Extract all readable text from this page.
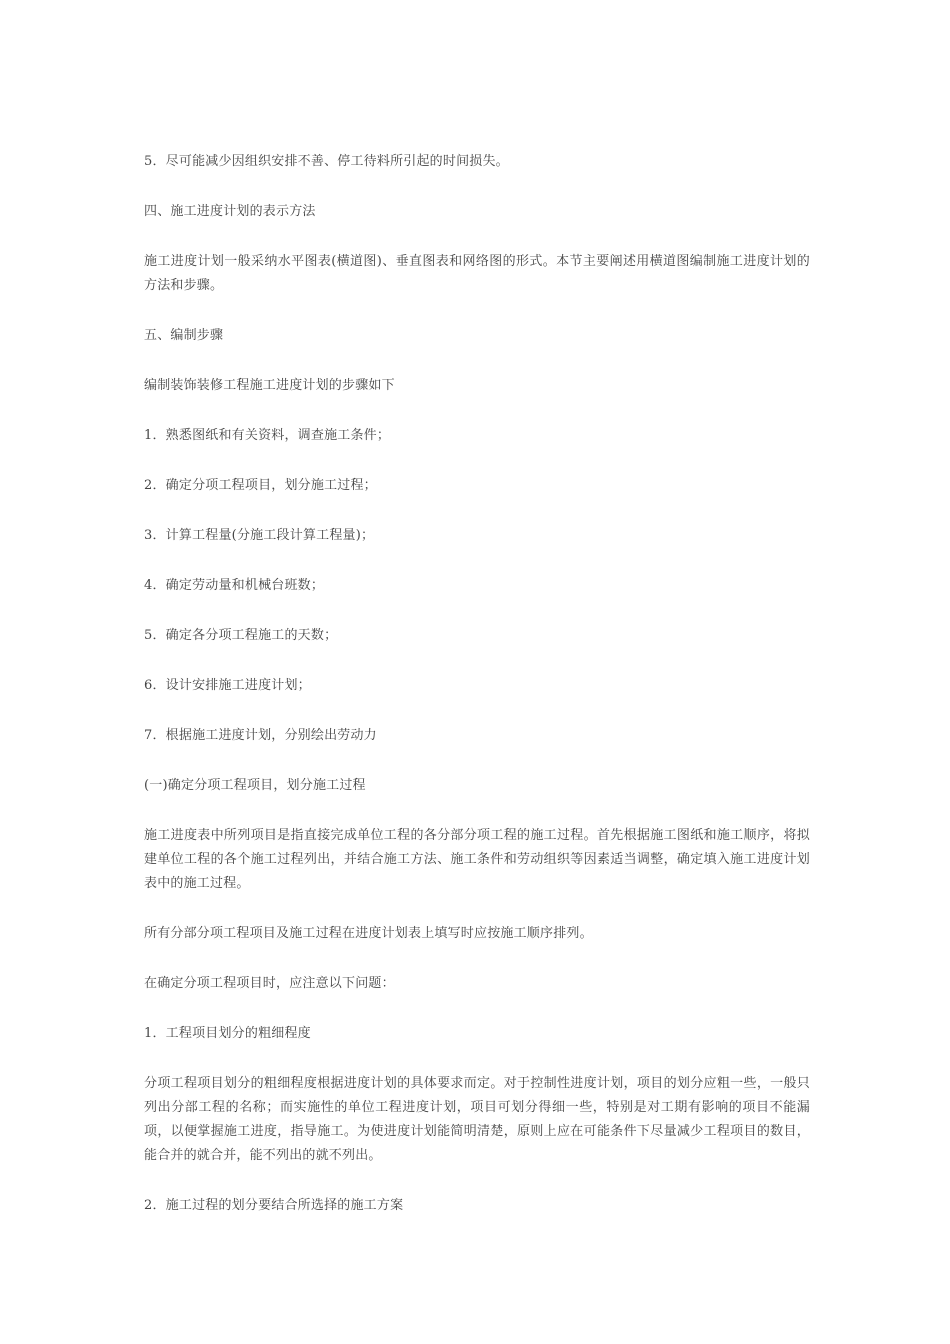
5．尽可能减少因组织安排不善、停工待料所引起的时间损失。

四、施工进度计划的表示方法

施工进度计划一般采纳水平图表(横道图)、垂直图表和网络图的形式。本节主要阐述用横道图编制施工进度计划的方法和步骤。

五、编制步骤

编制装饰装修工程施工进度计划的步骤如下

1．熟悉图纸和有关资料，调查施工条件；

2．确定分项工程项目，划分施工过程；

3．计算工程量(分施工段计算工程量)；

4．确定劳动量和机械台班数；

5．确定各分项工程施工的天数；

6．设计安排施工进度计划；

7．根据施工进度计划，分别绘出劳动力

(一)确定分项工程项目，划分施工过程

施工进度表中所列项目是指直接完成单位工程的各分部分项工程的施工过程。首先根据施工图纸和施工顺序，将拟建单位工程的各个施工过程列出，并结合施工方法、施工条件和劳动组织等因素适当调整，确定填入施工进度计划表中的施工过程。

所有分部分项工程项目及施工过程在进度计划表上填写时应按施工顺序排列。

在确定分项工程项目时，应注意以下问题：

1．工程项目划分的粗细程度

分项工程项目划分的粗细程度根据进度计划的具体要求而定。对于控制性进度计划，项目的划分应粗一些，一般只列出分部工程的名称；而实施性的单位工程进度计划，项目可划分得细一些，特别是对工期有影响的项目不能漏项，以便掌握施工进度，指导施工。为使进度计划能简明清楚，原则上应在可能条件下尽量减少工程项目的数目，能合并的就合并，能不列出的就不列出。

2．施工过程的划分要结合所选择的施工方案
